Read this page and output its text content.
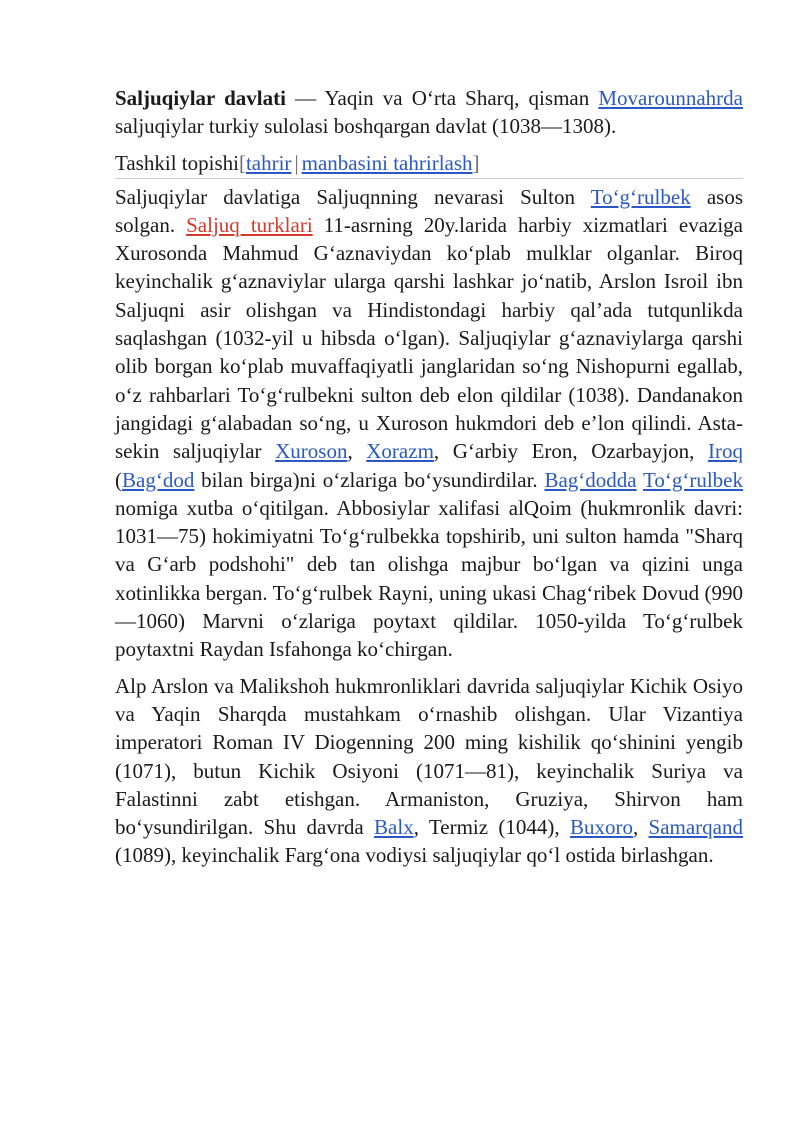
Saljuqiylar davlati — Yaqin va Oʻrta Sharq, qisman Movarounnahrda saljuqiylar turkiy sulolasi boshqargan davlat (1038—1308).

Tashkil topishi[tahrir | manbasini tahrirlash]

Saljuqiylar davlatiga Saljuqnning nevarasi Sulton Toʻgʻrulbek asos solgan. Saljuq turklari 11-asrning 20y.larida harbiy xizmatlari evaziga Xurosonda Mahmud Gʻaznaviydan koʻplab mulklar olganlar. Biroq keyinchalik gʻaznaviylar ularga qarshi lashkar joʻnatib, Arslon Isroil ibn Saljuqni asir olishgan va Hindistondagi harbiy qalʼada tutqunlikda saqlashgan (1032-yil u hibsda oʻlgan). Saljuqiylar gʻaznaviylarga qarshi olib borgan koʻplab muvaffaqiyatli janglaridan soʻng Nishopurni egallab, oʻz rahbarlari Toʻgʻrulbekni sulton deb elon qildilar (1038). Dandanakon jangidagi gʻalabadan soʻng, u Xuroson hukmdori deb eʼlon qilindi. Asta-sekin saljuqiylar Xuroson, Xorazm, Gʻarbiy Eron, Ozarbayjon, Iroq (Bagʻdod bilan birga)ni oʻzlariga boʻysundirdilar. Bagʻdodda Toʻgʻrulbek nomiga xutba oʻqitilgan. Abbosiylar xalifasi alQoim (hukmronlik davri: 1031—75) hokimiyatni Toʻgʻrulbekka topshirib, uni sulton hamda "Sharq va Gʻarb podshohi" deb tan olishga majbur boʻlgan va qizini unga xotinlikka bergan. Toʻgʻrulbek Rayni, uning ukasi Chagʻribek Dovud (990—1060) Marvni oʻzlariga poytaxt qildilar. 1050-yilda Toʻgʻrulbek poytaxtni Raydan Isfahonga koʻchirgan.

Alp Arslon va Malikshoh hukmronliklari davrida saljuqiylar Kichik Osiyo va Yaqin Sharqda mustahkam oʻrnashib olishgan. Ular Vizantiya imperatori Roman IV Diogenning 200 ming kishilik qoʻshinini yengib (1071), butun Kichik Osiyoni (1071—81), keyinchalik Suriya va Falastinni zabt etishgan. Armaniston, Gruziya, Shirvon ham boʻysundirilgan. Shu davrda Balx, Termiz (1044), Buxoro, Samarqand (1089), keyinchalik Fargʻona vodiysi saljuqiylar qoʻl ostida birlashgan.
